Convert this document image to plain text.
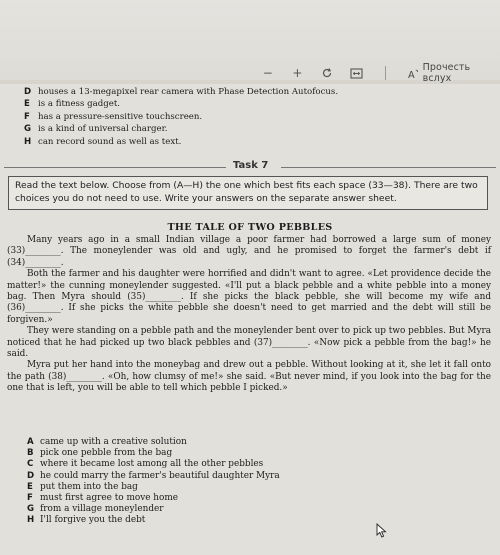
− +	A
Прочесть вслух
D houses a 13-megapixel rear camera with Phase Detection Autofocus.
E is a fitness gadget.
F has a pressure-sensitive touchscreen.
G is a kind of universal charger.
H can record sound as well as text.
Task 7
Read the text below. Choose from (A—H) the one which best fits each space (33—38). There are two choices you do not need to use. Write your answers on the separate answer sheet.
THE TALE OF TWO PEBBLES

Many years ago in a small Indian village a poor farmer had borrowed a large sum of money (33)________. The moneylender was old and ugly, and he promised to forget the farmer's debt if (34)________.

Both the farmer and his daughter were horrified and didn't want to agree. «Let providence decide the matter!» the cunning moneylender suggested. «I'll put a black pebble and a white pebble into a money bag. Then Myra should (35)________. If she picks the black pebble, she will become my wife and (36)________. If she picks the white pebble she doesn't need to get married and the debt will still be forgiven.»

They were standing on a pebble path and the moneylender bent over to pick up two pebbles. But Myra noticed that he had picked up two black pebbles and (37)________. «Now pick a pebble from the bag!» he said.

Myra put her hand into the moneybag and drew out a pebble. Without looking at it, she let it fall onto the path (38)________. «Oh, how clumsy of me!» she said. «But never mind, if you look into the bag for the one that is left, you will be able to tell which pebble I picked.»

A came up with a creative solution
B pick one pebble from the bag
C where it became lost among all the other pebbles
D he could marry the farmer's beautiful daughter Myra
E put them into the bag
F must first agree to move home
G from a village moneylender
H I'll forgive you the debt
